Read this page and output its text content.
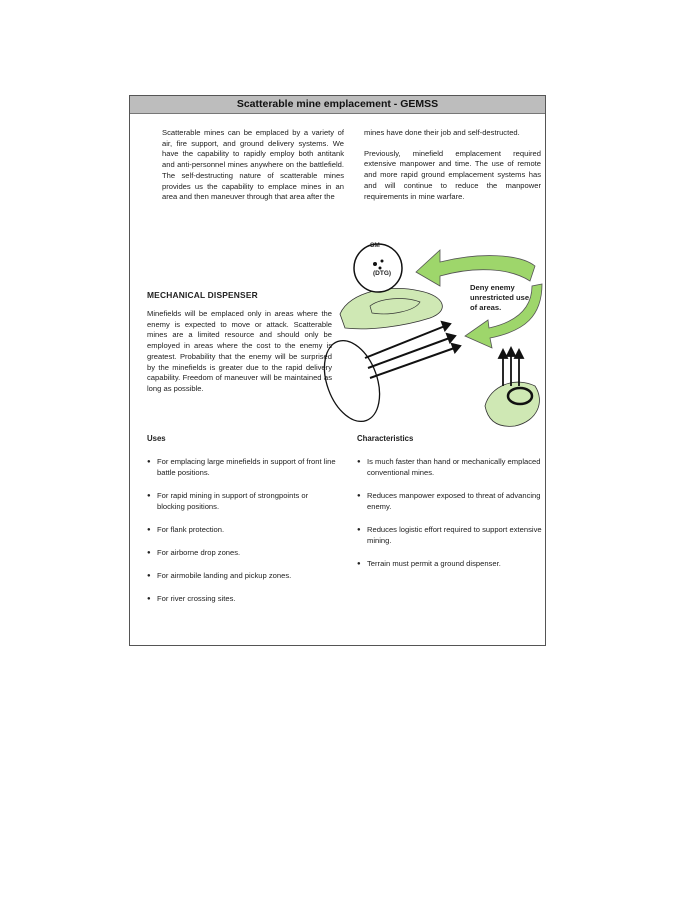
Scatterable mine emplacement - GEMSS
Scatterable mines can be emplaced by a variety of air, fire support, and ground delivery systems. We have the capability to rapidly employ both antitank and anti-personnel mines anywhere on the battlefield. The self-destructing nature of scatterable mines provides us the capability to emplace mines in an area and then maneuver through that area after the

mines have done their job and self-destructed.

Previously, minefield emplacement required extensive manpower and time. The use of remote and more rapid ground emplacement systems has and will continue to reduce the manpower requirements in mine warfare.

MECHANICAL DISPENSER
Minefields will be emplaced only in areas where the enemy is expected to move or attack. Scatterable mines are a limited resource and should only be employed in areas where the cost to the enemy is greatest. Probability that the enemy will be surprised by the minefields is greater due to the rapid delivery capability. Freedom of maneuver will be maintained as long as possible.
SM
(DTG)
Deny enemy
unrestricted use
of areas.
Uses	Characteristics
● For emplacing large minefields in support of front line battle positions.
● For rapid mining in support of strongpoints or blocking positions.
● For flank protection.
● For airborne drop zones.
● For airmobile landing and pickup zones.
● For river crossing sites.
● Is much faster than hand or mechanically emplaced conventional mines.
● Reduces manpower exposed to threat of advancing enemy.
● Reduces logistic effort required to support extensive mining.
● Terrain must permit a ground dispenser.
